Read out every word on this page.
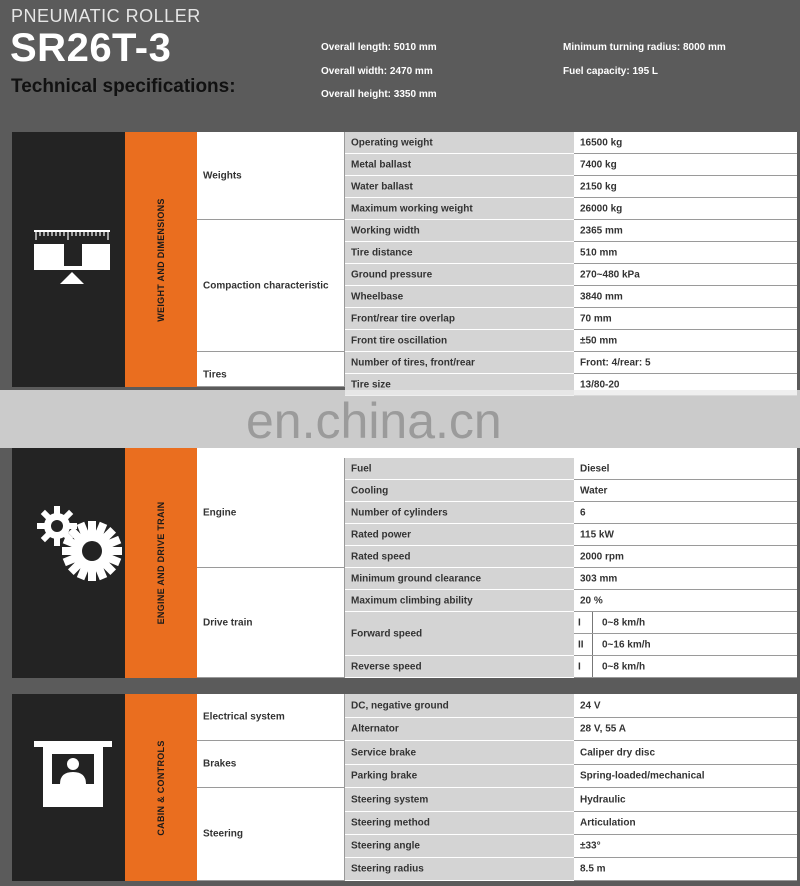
PNEUMATIC ROLLER
SR26T-3
Technical specifications:
Overall length: 5010 mm
Overall width: 2470 mm
Overall height: 3350 mm
Minimum turning radius: 8000 mm
Fuel capacity: 195 L
WEIGHT AND DIMENSIONS
Weights
Compaction characteristic
Tires
Operating weight	16500 kg
Metal ballast	7400 kg
Water ballast	2150 kg
Maximum working weight	26000 kg
Working width	2365 mm
Tire distance	510 mm
Ground pressure	270~480 kPa
Wheelbase	3840 mm
Front/rear tire overlap	70 mm
Front tire oscillation	±50 mm
Number of tires, front/rear	Front: 4/rear: 5
Tire size	13/80-20
ENGINE AND DRIVE TRAIN	Engine
Drive train
Fuel	Diesel
Cooling	Water
Number of cylinders	6
Rated power	115 kW
Rated speed	2000 rpm
Minimum ground clearance	303 mm
Maximum climbing ability	20 %
Forward speed
I 0~8 km/h
II 0~16 km/h
Reverse speed	I 0~8 km/h
CABIN & CONTROLS
Electrical system
Brakes
Steering
DC, negative ground	24 V
Alternator	28 V, 55 A
Service brake	Caliper dry disc
Parking brake	Spring-loaded/mechanical
Steering system	Hydraulic
Steering method	Articulation
Steering angle	±33°
Steering radius	8.5 m
en.china.cn
